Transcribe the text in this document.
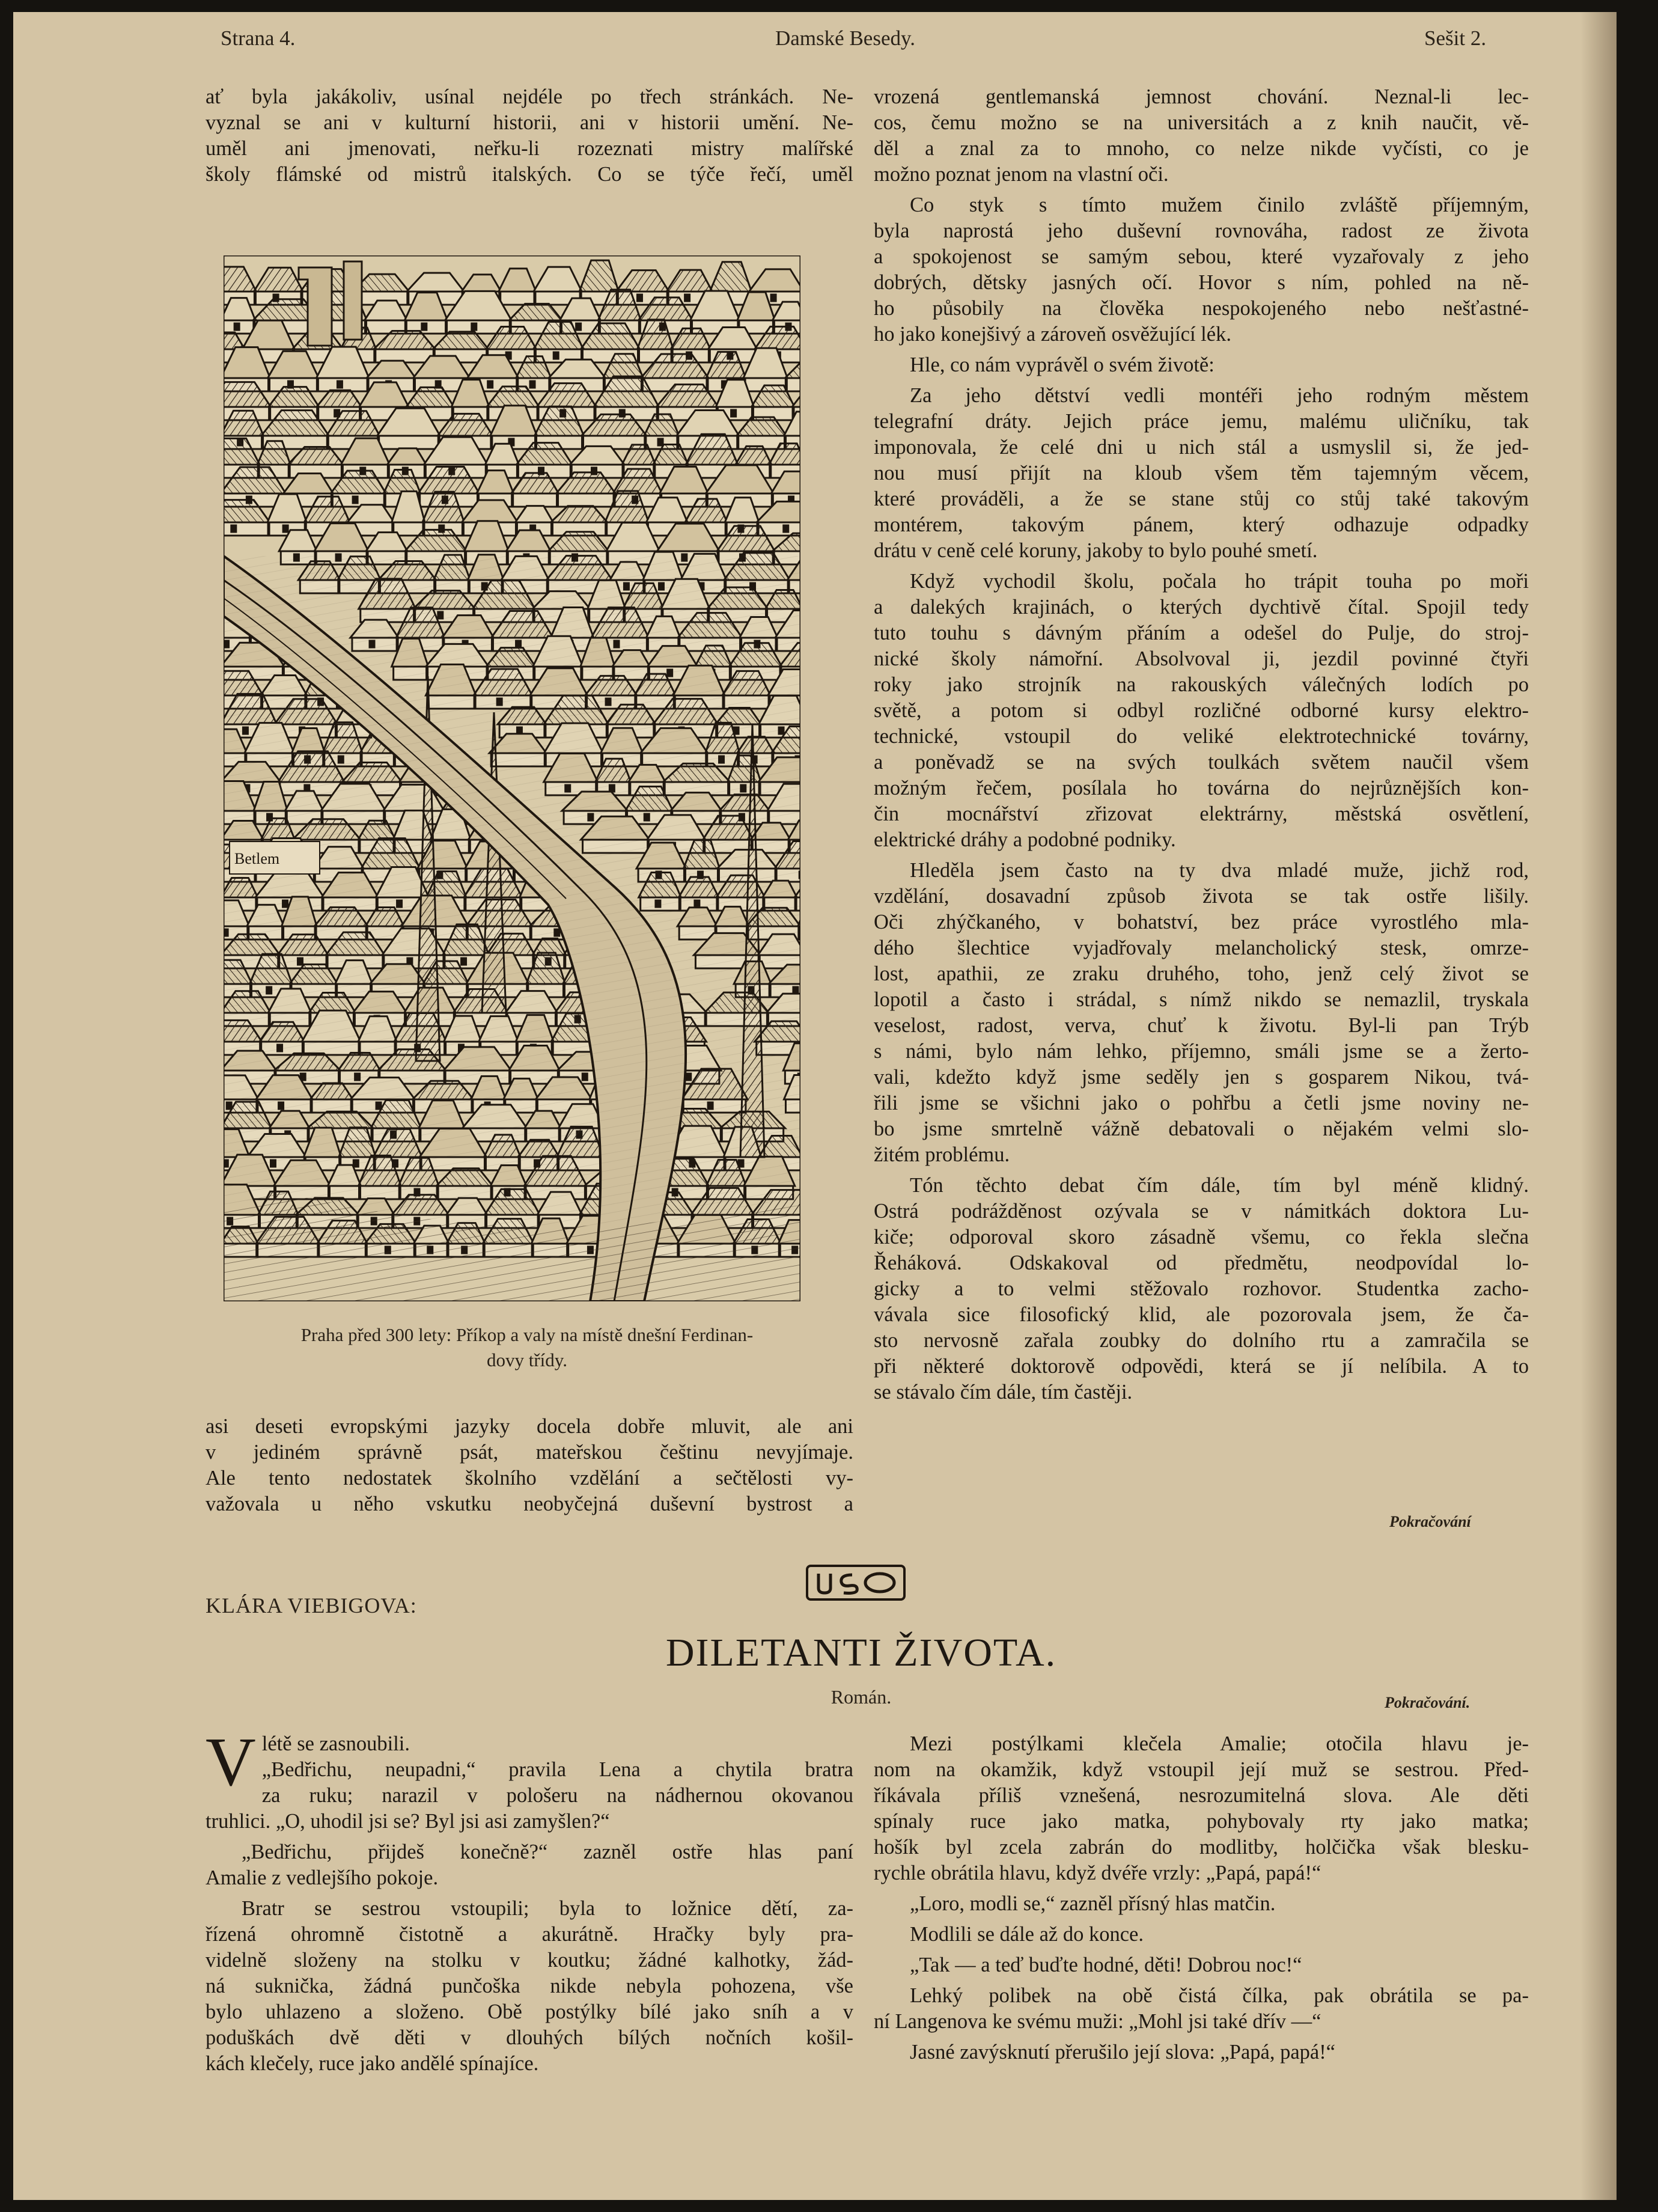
Strana 4.	Damské Besedy.	Sešit 2.
ať byla jakákoliv, usínal nejdéle po třech stránkách. Ne-
vyznal se ani v kulturní historii, ani v historii umění. Ne-
uměl ani jmenovati, neřku-li rozeznati mistry malířské
školy flámské od mistrů italských. Co se týče řečí, uměl
Betlem
Praha před 300 lety: Příkop a valy na místě dnešní Ferdinan-
dovy třídy.
asi deseti evropskými jazyky docela dobře mluvit, ale ani
v jediném správně psát, mateřskou češtinu nevyjímaje.
Ale tento nedostatek školního vzdělání a sečtělosti vy-
važovala u něho vskutku neobyčejná duševní bystrost a

vrozená gentlemanská jemnost chování. Neznal-li lec-
cos, čemu možno se na universitách a z knih naučit, vě-
děl a znal za to mnoho, co nelze nikde vyčísti, co je
možno poznat jenom na vlastní oči.

Co styk s tímto mužem činilo zvláště příjemným,
byla naprostá jeho duševní rovnováha, radost ze života
a spokojenost se samým sebou, které vyzařovaly z jeho
dobrých, dětsky jasných očí. Hovor s ním, pohled na ně-
ho působily na člověka nespokojeného nebo nešťastné-
ho jako konejšivý a zároveň osvěžující lék.

Hle, co nám vyprávěl o svém životě:

Za jeho dětství vedli montéři jeho rodným městem
telegrafní dráty. Jejich práce jemu, malému uličníku, tak
imponovala, že celé dni u nich stál a usmyslil si, že jed-
nou musí přijít na kloub všem těm tajemným věcem,
které prováděli, a že se stane stůj co stůj také takovým
montérem, takovým pánem, který odhazuje odpadky
drátu v ceně celé koruny, jakoby to bylo pouhé smetí.

Když vychodil školu, počala ho trápit touha po moři
a dalekých krajinách, o kterých dychtivě čítal. Spojil tedy
tuto touhu s dávným přáním a odešel do Pulje, do stroj-
nické školy námořní. Absolvoval ji, jezdil povinné čtyři
roky jako strojník na rakouských válečných lodích po
světě, a potom si odbyl rozličné odborné kursy elektro-
technické, vstoupil do veliké elektrotechnické továrny,
a poněvadž se na svých toulkách světem naučil všem
možným řečem, posílala ho továrna do nejrůznějších kon-
čin mocnářství zřizovat elektrárny, městská osvětlení,
elektrické dráhy a podobné podniky.

Hleděla jsem často na ty dva mladé muže, jichž rod,
vzdělání, dosavadní způsob života se tak ostře lišily.
Oči zhýčkaného, v bohatství, bez práce vyrostlého mla-
dého šlechtice vyjadřovaly melancholický stesk, omrze-
lost, apathii, ze zraku druhého, toho, jenž celý život se
lopotil a často i strádal, s nímž nikdo se nemazlil, tryskala
veselost, radost, verva, chuť k životu. Byl-li pan Trýb
s námi, bylo nám lehko, příjemno, smáli jsme se a žerto-
vali, kdežto když jsme seděly jen s gosparem Nikou, tvá-
řili jsme se všichni jako o pohřbu a četli jsme noviny ne-
bo jsme smrtelně vážně debatovali o nějakém velmi slo-
žitém problému.

Tón těchto debat čím dále, tím byl méně klidný.
Ostrá podrážděnost ozývala se v námitkách doktora Lu-
kiče; odporoval skoro zásadně všemu, co řekla slečna
Řeháková. Odskakoval od předmětu, neodpovídal lo-
gicky a to velmi stěžovalo rozhovor. Studentka zacho-
vávala sice filosofický klid, ale pozorovala jsem, že ča-
sto nervosně zařala zoubky do dolního rtu a zamračila se
při některé doktorově odpovědi, která se jí nelíbila. A to
se stávalo čím dále, tím častěji.

Pokračování
KLÁRA VIEBIGOVA:
DILETANTI ŽIVOTA.
Román.	Pokračování.
V létě se zasnoubili.

„Bedřichu, neupadni,“ pravila Lena a chytila bratra
za ruku; narazil v pološeru na nádhernou okovanou
truhlici. „O, uhodil jsi se? Byl jsi asi zamyšlen?“

„Bedřichu, přijdeš konečně?“ zazněl ostře hlas paní
Amalie z vedlejšího pokoje.

Bratr se sestrou vstoupili; byla to ložnice dětí, za-
řízená ohromně čistotně a akurátně. Hračky byly pra-
videlně složeny na stolku v koutku; žádné kalhotky, žád-
ná suknička, žádná punčoška nikde nebyla pohozena, vše
bylo uhlazeno a složeno. Obě postýlky bílé jako sníh a v
poduškách dvě děti v dlouhých bílých nočních košil-
kách klečely, ruce jako andělé spínajíce.

Mezi postýlkami klečela Amalie; otočila hlavu je-
nom na okamžik, když vstoupil její muž se sestrou. Před-
říkávala příliš vznešená, nesrozumitelná slova. Ale děti
spínaly ruce jako matka, pohybovaly rty jako matka;
hošík byl zcela zabrán do modlitby, holčička však blesku-
rychle obrátila hlavu, když dvéře vrzly: „Papá, papá!“

„Loro, modli se,“ zazněl přísný hlas matčin.

Modlili se dále až do konce.

„Tak — a teď buďte hodné, děti! Dobrou noc!“

Lehký polibek na obě čistá čílka, pak obrátila se pa-
ní Langenova ke svému muži: „Mohl jsi také dřív —“

Jasné zavýsknutí přerušilo její slova: „Papá, papá!“
